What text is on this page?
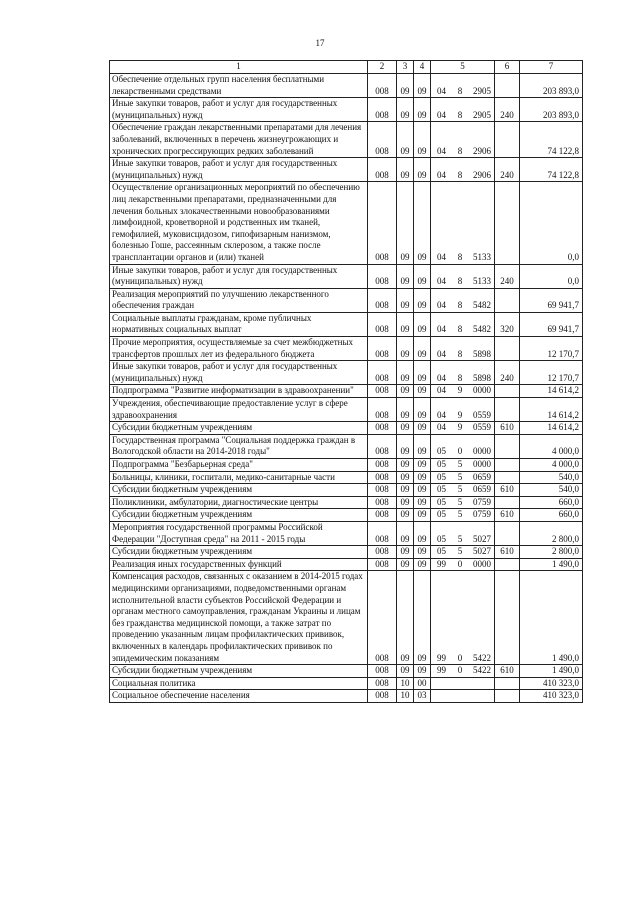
17
1	2	3	4	5	6	7
Обеспечение отдельных групп населения бесплатными лекарственными средствами	008	09	09	04 8 2905		203 893,0
Иные закупки товаров, работ и услуг для государственных (муниципальных) нужд	008	09	09	04 8 2905	240	203 893,0
Обеспечение граждан лекарственными препаратами для лечения заболеваний, включенных в перечень жизнеугрожающих и хронических прогрессирующих редких заболеваний	008	09	09	04 8 2906		74 122,8
Иные закупки товаров, работ и услуг для государственных (муниципальных) нужд	008	09	09	04 8 2906	240	74 122,8
Осуществление организационных мероприятий по обеспечению лиц лекарственными препаратами, предназначенными для лечения больных злокачественными новообразованиями лимфоидной, кроветворной и родственных им тканей, гемофилией, муковисцидозом, гипофизарным нанизмом, болезнью Гоше, рассеянным склерозом, а также после трансплантации органов и (или) тканей	008	09	09	04 8 5133		0,0
Иные закупки товаров, работ и услуг для государственных (муниципальных) нужд	008	09	09	04 8 5133	240	0,0
Реализация мероприятий по улучшению лекарственного обеспечения граждан	008	09	09	04 8 5482		69 941,7
Социальные выплаты гражданам, кроме публичных нормативных социальных выплат	008	09	09	04 8 5482	320	69 941,7
Прочие мероприятия, осуществляемые за счет межбюджетных трансфертов прошлых лет из федерального бюджета	008	09	09	04 8 5898		12 170,7
Иные закупки товаров, работ и услуг для государственных (муниципальных) нужд	008	09	09	04 8 5898	240	12 170,7
Подпрограмма "Развитие информатизации в здравоохранении"	008	09	09	04 9 0000		14 614,2
Учреждения, обеспечивающие предоставление услуг в сфере здравоохранения	008	09	09	04 9 0559		14 614,2
Субсидии бюджетным учреждениям	008	09	09	04 9 0559	610	14 614,2
Государственная программа "Социальная поддержка граждан в Вологодской области на 2014-2018 годы"	008	09	09	05 0 0000		4 000,0
Подпрограмма "Безбарьерная среда"	008	09	09	05 5 0000		4 000,0
Больницы, клиники, госпитали, медико-санитарные части	008	09	09	05 5 0659		540,0
Субсидии бюджетным учреждениям	008	09	09	05 5 0659	610	540,0
Поликлиники, амбулатории, диагностические центры	008	09	09	05 5 0759		660,0
Субсидии бюджетным учреждениям	008	09	09	05 5 0759	610	660,0
Мероприятия государственной программы Российской Федерации "Доступная среда" на 2011 - 2015 годы	008	09	09	05 5 5027		2 800,0
Субсидии бюджетным учреждениям	008	09	09	05 5 5027	610	2 800,0
Реализация иных государственных функций	008	09	09	99 0 0000		1 490,0
Компенсация расходов, связанных с оказанием в 2014-2015 годах медицинскими организациями, подведомственными органам исполнительной власти субъектов Российской Федерации и органам местного самоуправления, гражданам Украины и лицам без гражданства медицинской помощи, а также затрат по проведению указанным лицам профилактических прививок, включенных в календарь профилактических прививок по эпидемическим показаниям	008	09	09	99 0 5422		1 490,0
Субсидии бюджетным учреждениям	008	09	09	99 0 5422	610	1 490,0
Социальная политика	008	10	00			410 323,0
Социальное обеспечение населения	008	10	03			410 323,0
